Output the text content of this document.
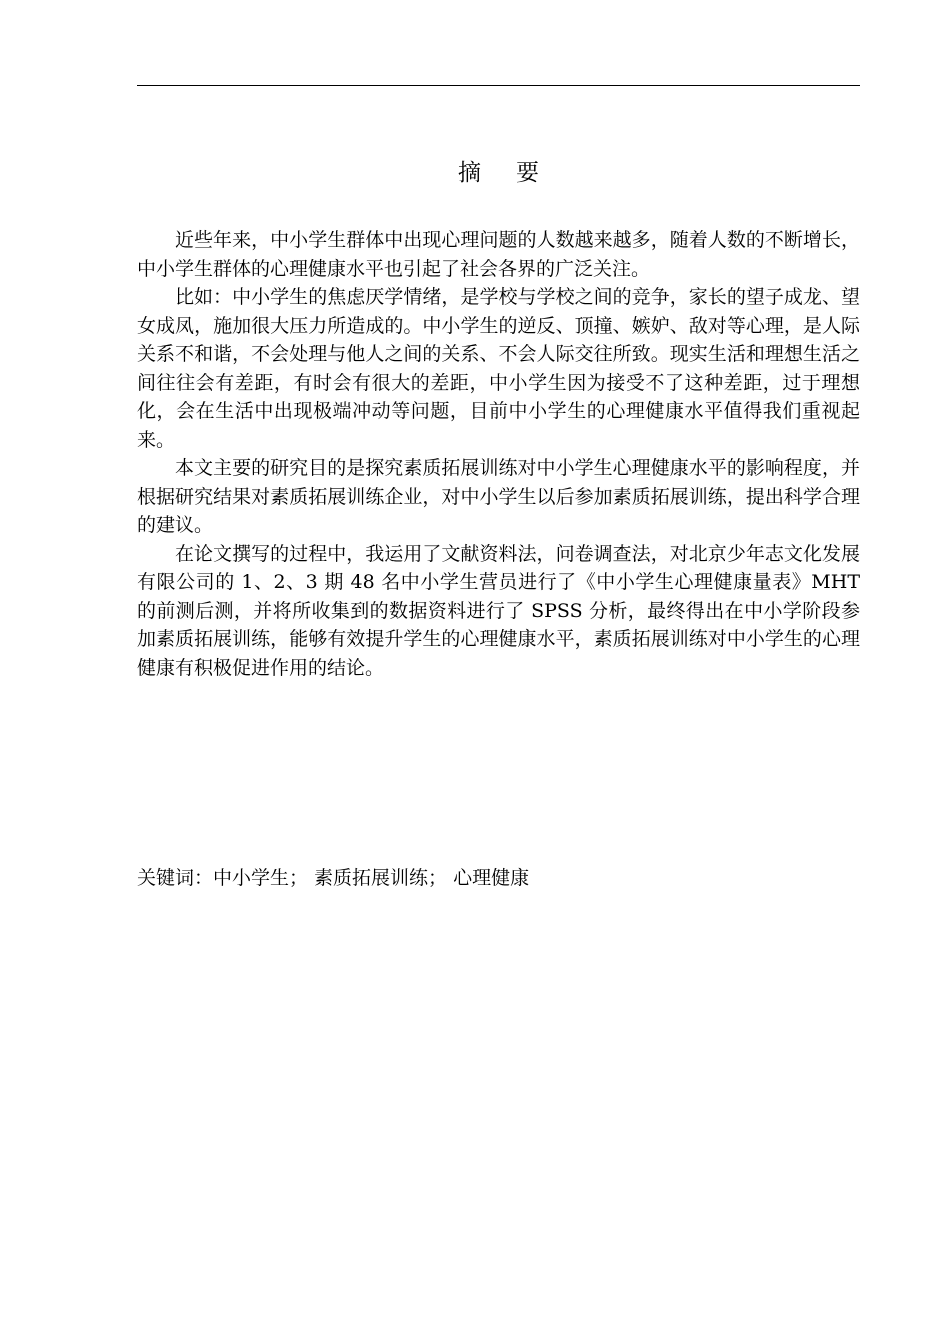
摘 要

近些年来，中小学生群体中出现心理问题的人数越来越多，随着人数的不断增长，中小学生群体的心理健康水平也引起了社会各界的广泛关注。

比如：中小学生的焦虑厌学情绪，是学校与学校之间的竞争，家长的望子成龙、望女成凤，施加很大压力所造成的。中小学生的逆反、顶撞、嫉妒、敌对等心理，是人际关系不和谐，不会处理与他人之间的关系、不会人际交往所致。现实生活和理想生活之间往往会有差距，有时会有很大的差距，中小学生因为接受不了这种差距，过于理想化，会在生活中出现极端冲动等问题，目前中小学生的心理健康水平值得我们重视起来。

本文主要的研究目的是探究素质拓展训练对中小学生心理健康水平的影响程度，并根据研究结果对素质拓展训练企业，对中小学生以后参加素质拓展训练，提出科学合理的建议。

在论文撰写的过程中，我运用了文献资料法，问卷调查法，对北京少年志文化发展有限公司的 1、2、3 期 48 名中小学生营员进行了《中小学生心理健康量表》MHT 的前测后测，并将所收集到的数据资料进行了 SPSS 分析，最终得出在中小学阶段参加素质拓展训练，能够有效提升学生的心理健康水平，素质拓展训练对中小学生的心理健康有积极促进作用的结论。

关键词：中小学生； 素质拓展训练； 心理健康
